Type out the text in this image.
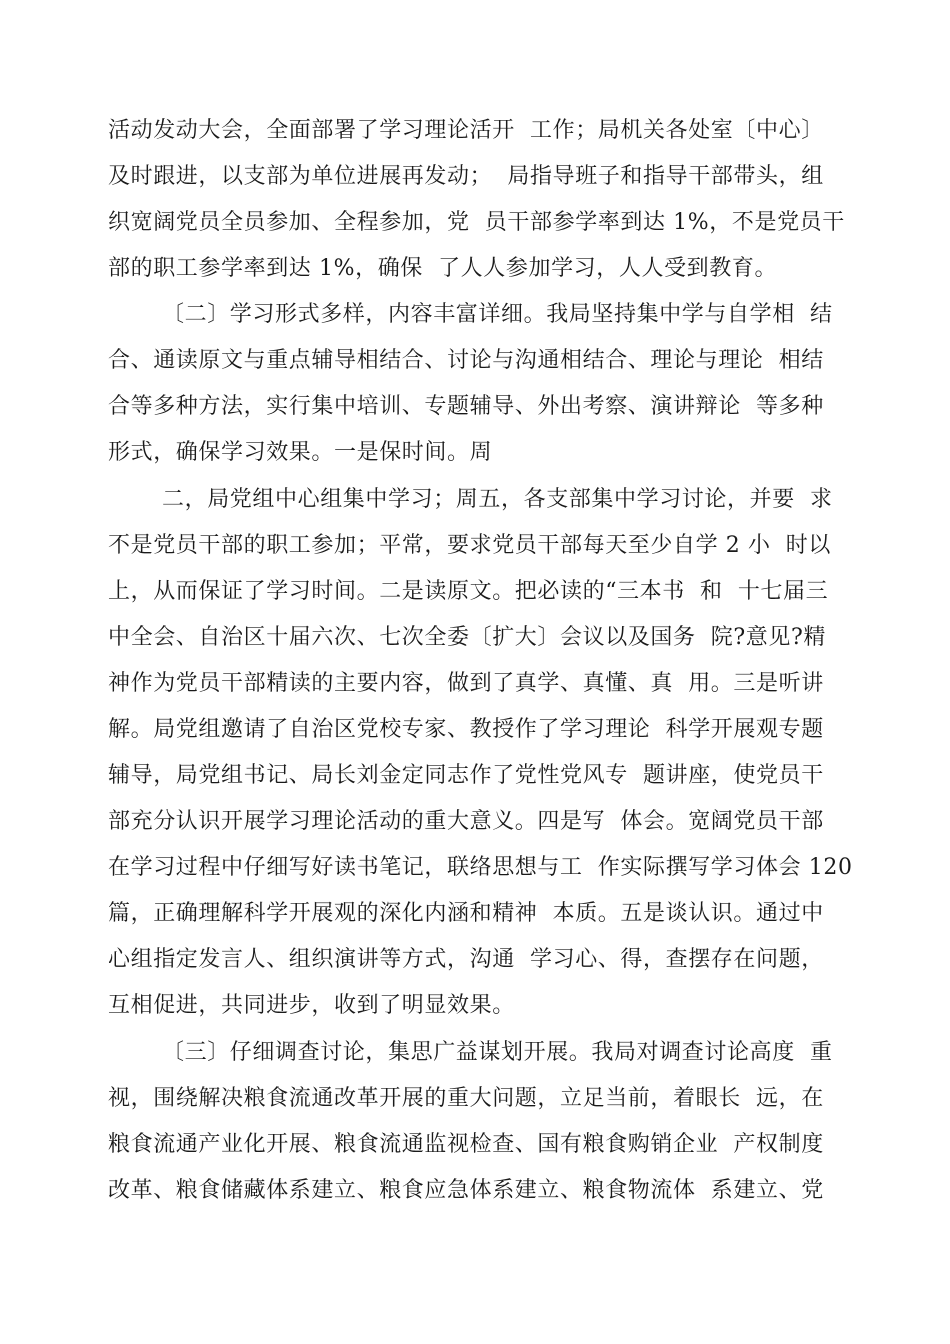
活动发动大会，全面部署了学习理论活开  工作；局机关各处室〔中心〕
及时跟进，以支部为单位进展再发动；  局指导班子和指导干部带头，组
织宽阔党员全员参加、全程参加，党  员干部参学率到达 1%，不是党员干
部的职工参学率到达 1%，确保  了人人参加学习，人人受到教育。
〔二〕学习形式多样，内容丰富详细。我局坚持集中学与自学相  结
合、通读原文与重点辅导相结合、讨论与沟通相结合、理论与理论  相结
合等多种方法，实行集中培训、专题辅导、外出考察、演讲辩论  等多种
形式，确保学习效果。一是保时间。周
二，局党组中心组集中学习；周五，各支部集中学习讨论，并要  求
不是党员干部的职工参加；平常，要求党员干部每天至少自学 2 小  时以
上，从而保证了学习时间。二是读原文。把必读的“三本书  和  十七届三
中全会、自治区十届六次、七次全委〔扩大〕会议以及国务  院?意见?精
神作为党员干部精读的主要内容，做到了真学、真懂、真  用。三是听讲
解。局党组邀请了自治区党校专家、教授作了学习理论  科学开展观专题
辅导，局党组书记、局长刘金定同志作了党性党风专  题讲座，使党员干
部充分认识开展学习理论活动的重大意义。四是写  体会。宽阔党员干部
在学习过程中仔细写好读书笔记，联络思想与工  作实际撰写学习体会 120
篇，正确理解科学开展观的深化内涵和精神  本质。五是谈认识。通过中
心组指定发言人、组织演讲等方式，沟通  学习心、得，查摆存在问题，
互相促进，共同进步，收到了明显效果。
〔三〕仔细调查讨论，集思广益谋划开展。我局对调查讨论高度  重
视，围绕解决粮食流通改革开展的重大问题，立足当前，着眼长  远，在
粮食流通产业化开展、粮食流通监视检查、国有粮食购销企业  产权制度
改革、粮食储藏体系建立、粮食应急体系建立、粮食物流体  系建立、党
